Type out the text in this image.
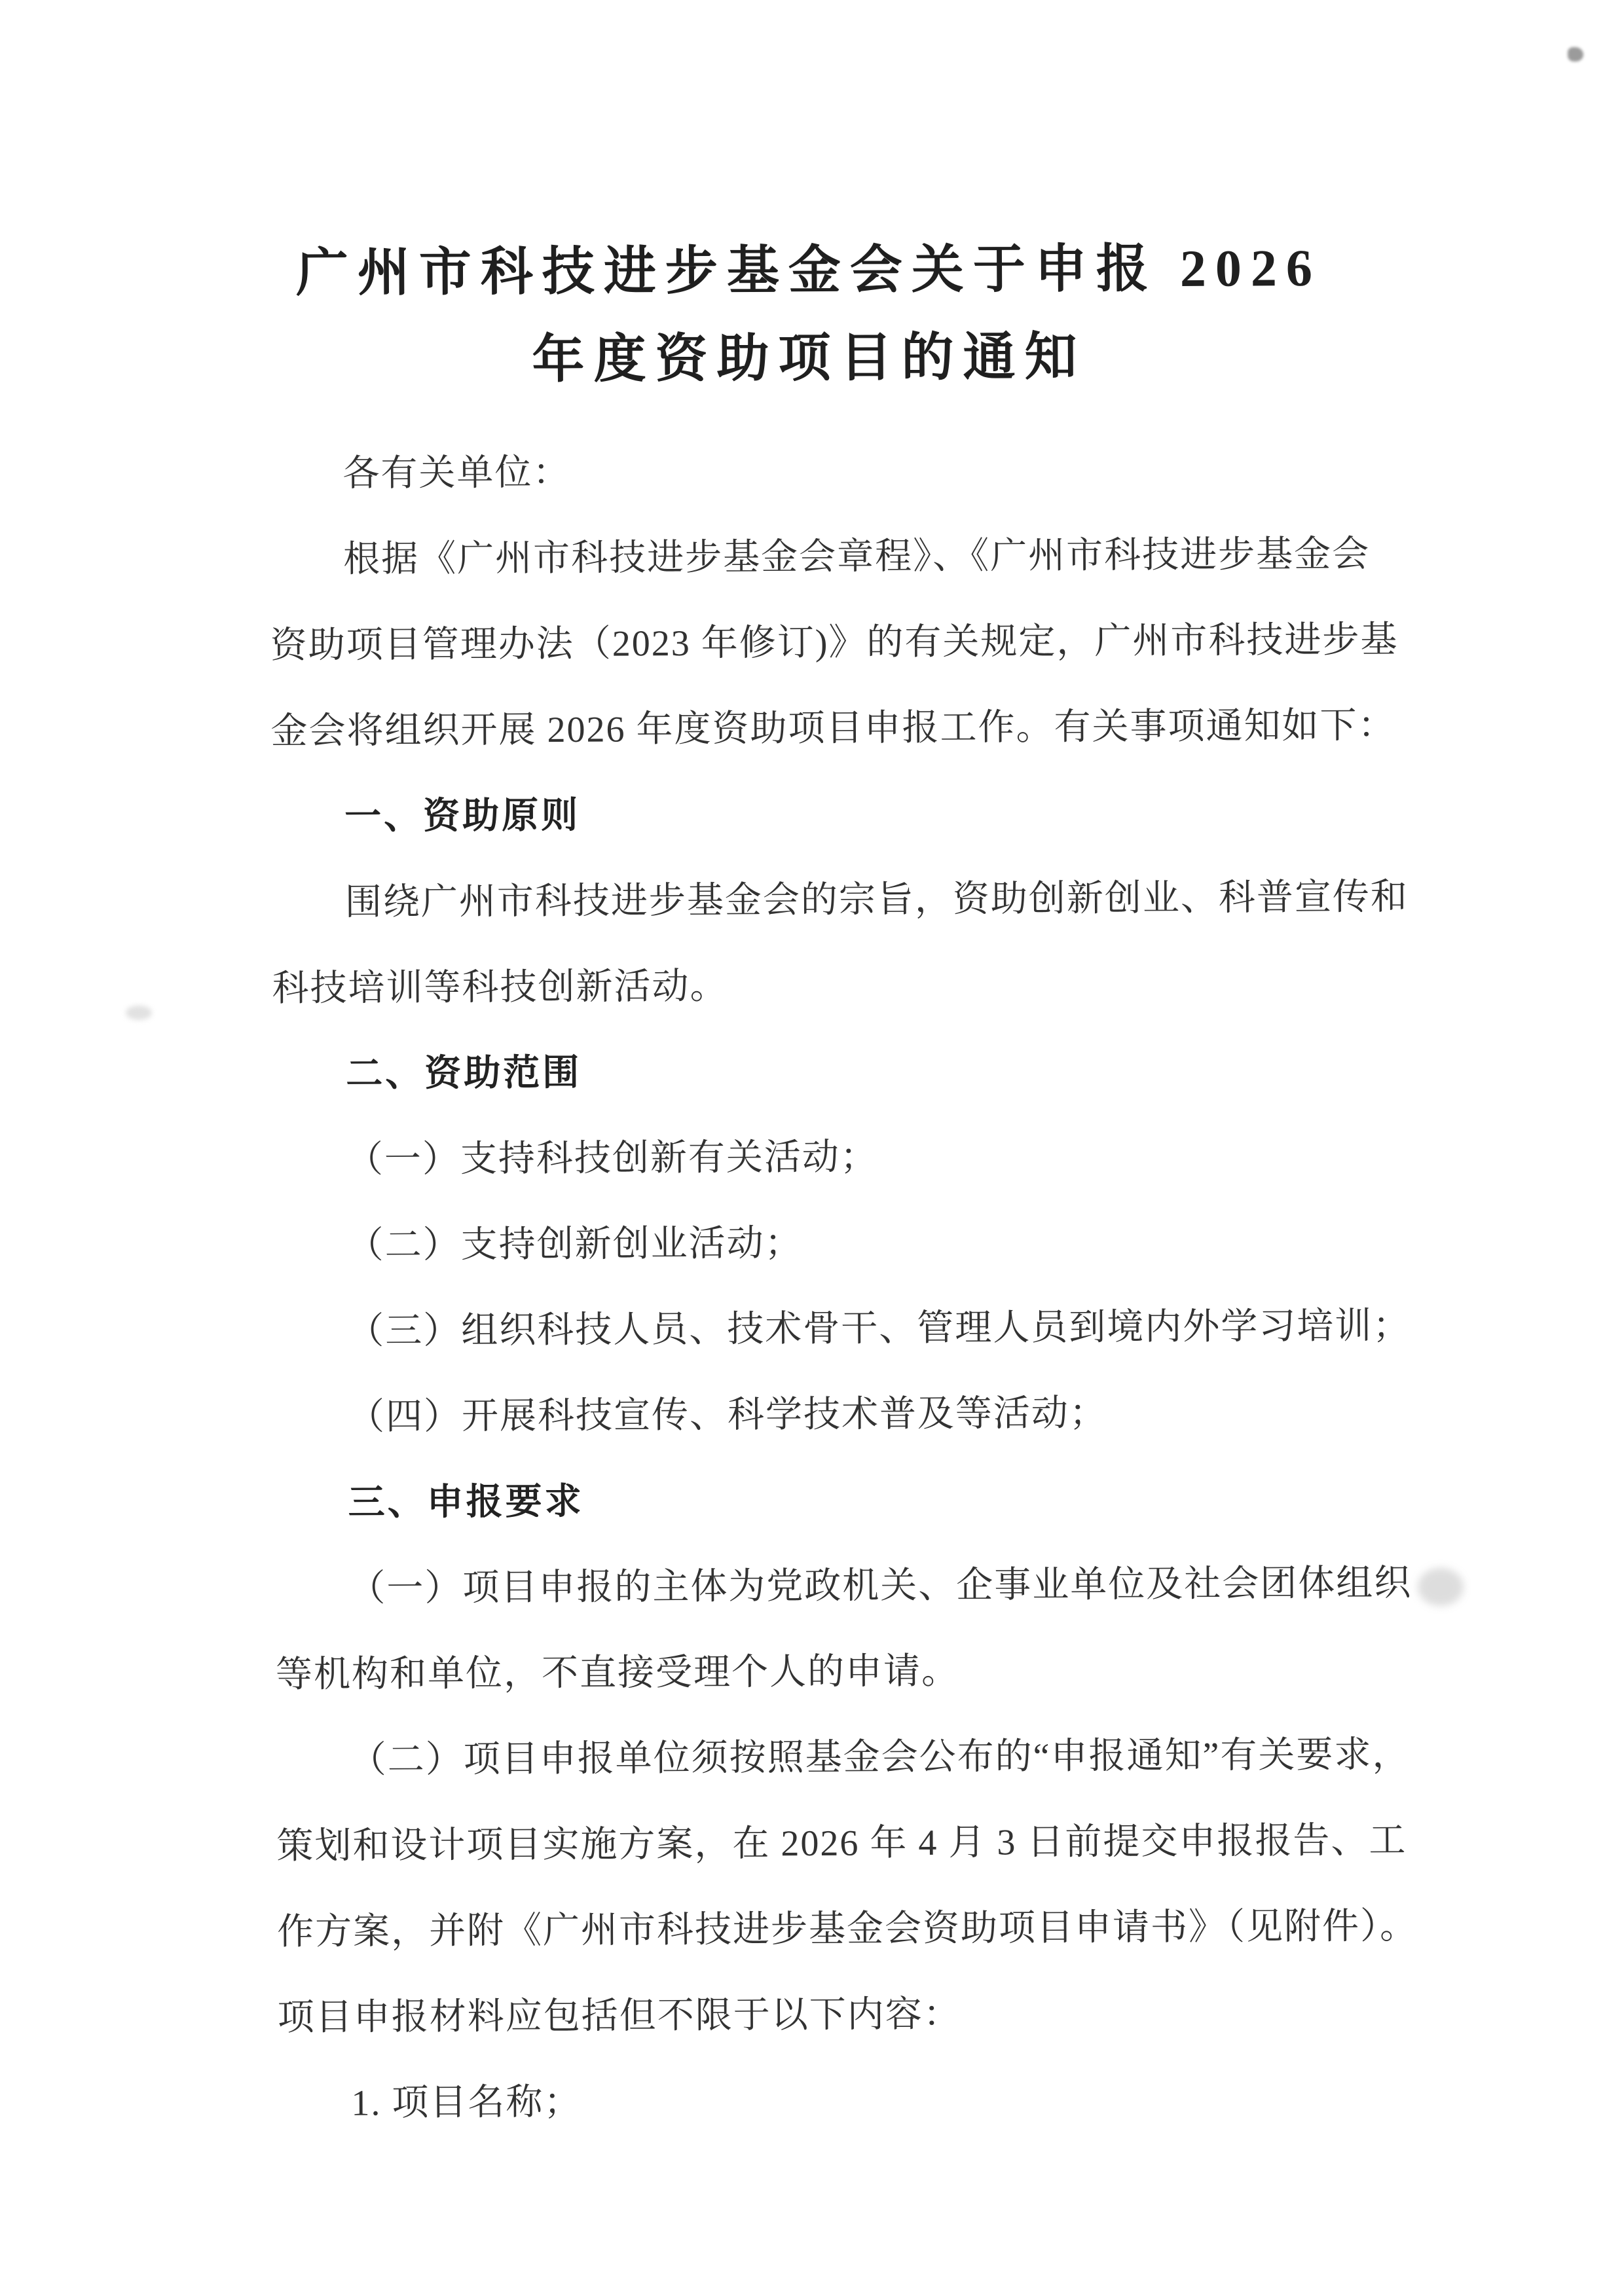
广州市科技进步基金会关于申报 2026
年度资助项目的通知
各有关单位：
根据《广州市科技进步基金会章程》、《广州市科技进步基金会
资助项目管理办法（2023 年修订)》的有关规定，广州市科技进步基
金会将组织开展 2026 年度资助项目申报工作。有关事项通知如下：
一、资助原则
围绕广州市科技进步基金会的宗旨，资助创新创业、科普宣传和
科技培训等科技创新活动。
二、资助范围
（一）支持科技创新有关活动；
（二）支持创新创业活动；
（三）组织科技人员、技术骨干、管理人员到境内外学习培训；
（四）开展科技宣传、科学技术普及等活动；
三、申报要求
（一）项目申报的主体为党政机关、企事业单位及社会团体组织
等机构和单位，不直接受理个人的申请。
（二）项目申报单位须按照基金会公布的“申报通知”有关要求，
策划和设计项目实施方案，在 2026 年 4 月 3 日前提交申报报告、工
作方案，并附《广州市科技进步基金会资助项目申请书》（见附件）。
项目申报材料应包括但不限于以下内容：
1. 项目名称；
